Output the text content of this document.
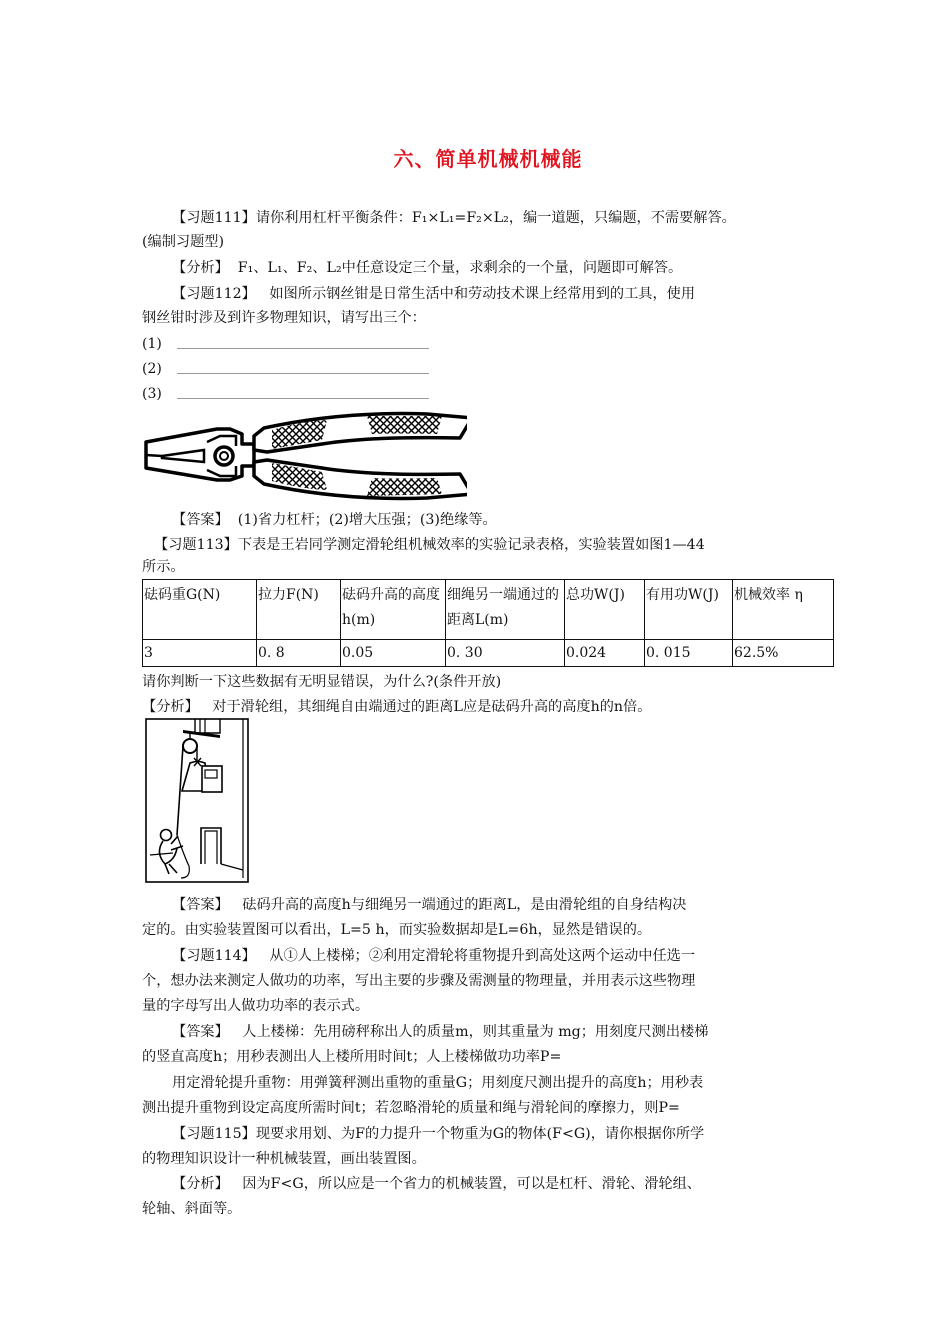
六、简单机械机械能
【习题111】请你利用杠杆平衡条件：F₁×L₁=F₂×L₂，编一道题，只编题，不需要解答。
(编制习题型)
【分析】 F₁、L₁、F₂、L₂中任意设定三个量，求剩余的一个量，问题即可解答。
【习题112】 如图所示钢丝钳是日常生活中和劳动技术课上经常用到的工具，使用
钢丝钳时涉及到许多物理知识，请写出三个：
(1)
(2)
(3)
【答案】 (1)省力杠杆；(2)增大压强；(3)绝缘等。
【习题113】下表是王岩同学测定滑轮组机械效率的实验记录表格，实验装置如图1—44
所示。
砝码重G(N)	拉力F(N)	砝码升高的高度h(m)	细绳另一端通过的距离L(m)	总功W(J)	有用功W(J)	机械效率 η
3	0. 8	0.05	0. 30	0.024	0. 015	62.5%
请你判断一下这些数据有无明显错误，为什么?(条件开放)
【分析】 对于滑轮组，其细绳自由端通过的距离L应是砝码升高的高度h的n倍。
【答案】 砝码升高的高度h与细绳另一端通过的距离L，是由滑轮组的自身结构决
定的。由实验装置图可以看出，L=5 h，而实验数据却是L=6h，显然是错误的。
【习题114】 从①人上楼梯；②利用定滑轮将重物提升到高处这两个运动中任选一
个，想办法来测定人做功的功率，写出主要的步骤及需测量的物理量，并用表示这些物理
量的字母写出人做功功率的表示式。
【答案】 人上楼梯：先用磅秤称出人的质量m，则其重量为 mg；用刻度尺测出楼梯
的竖直高度h；用秒表测出人上楼所用时间t；人上楼梯做功功率P=
用定滑轮提升重物：用弹簧秤测出重物的重量G；用刻度尺测出提升的高度h；用秒表
测出提升重物到设定高度所需时间t；若忽略滑轮的质量和绳与滑轮间的摩擦力，则P=
【习题115】现要求用划、为F的力提升一个物重为G的物体(F<G)，请你根据你所学
的物理知识设计一种机械装置，画出装置图。
【分析】 因为F<G，所以应是一个省力的机械装置，可以是杠杆、滑轮、滑轮组、
轮轴、斜面等。
